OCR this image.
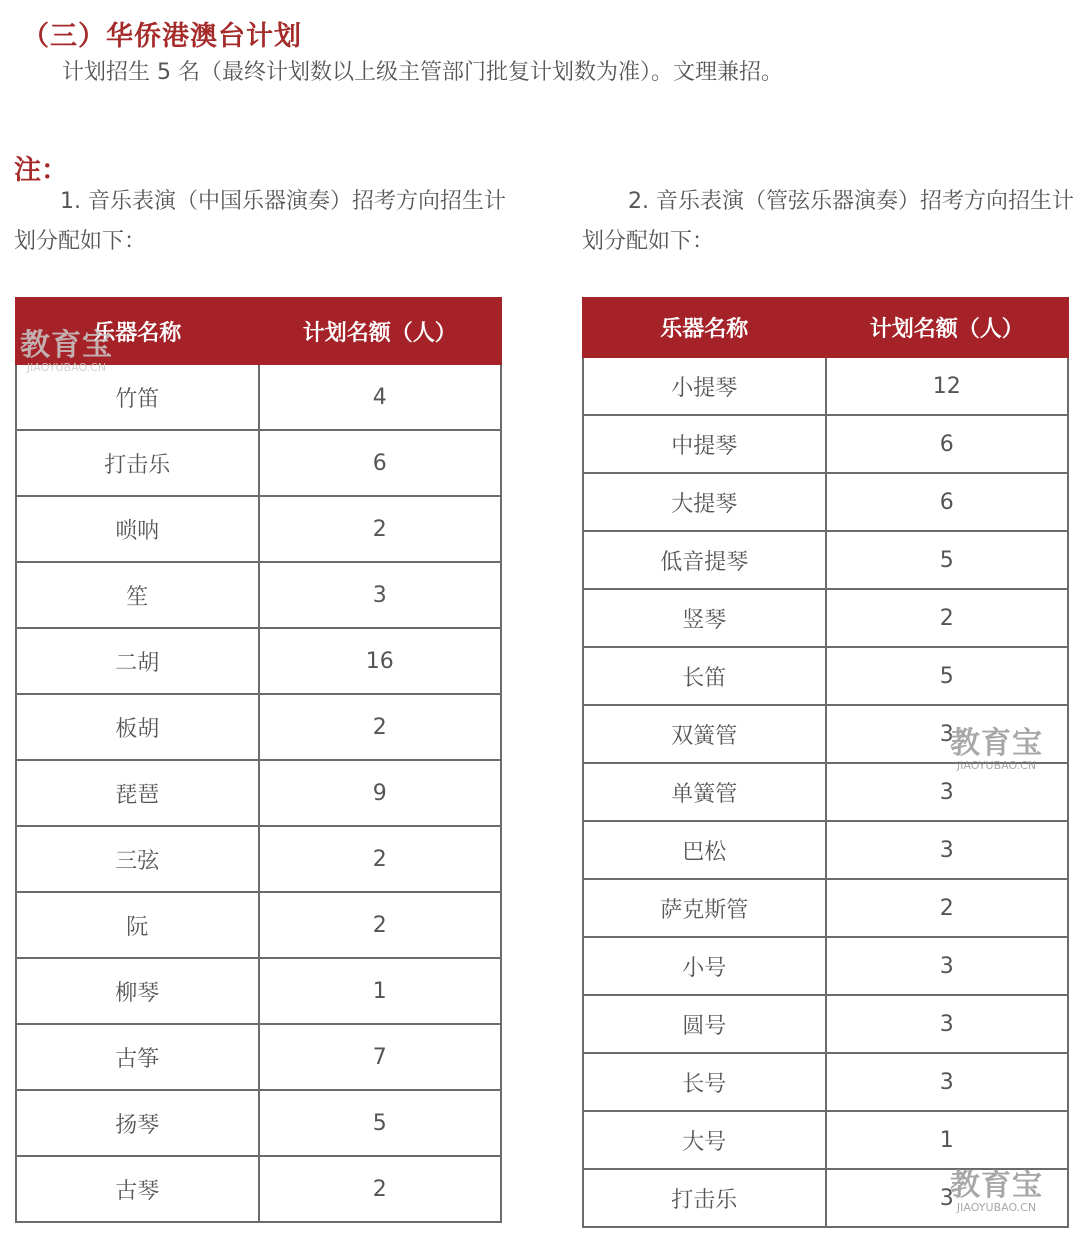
（三）华侨港澳台计划

计划招生 5 名（最终计划数以上级主管部门批复计划数为准）。文理兼招。

注：

1. 音乐表演（中国乐器演奏）招考方向招生计划分配如下：

2. 音乐表演（管弦乐器演奏）招考方向招生计划分配如下：

乐器名称	计划名额（人）
竹笛	4
打击乐	6
唢呐	2
笙	3
二胡	16
板胡	2
琵琶	9
三弦	2
阮	2
柳琴	1
古筝	7
扬琴	5
古琴	2
乐器名称	计划名额（人）
小提琴	12
中提琴	6
大提琴	6
低音提琴	5
竖琴	2
长笛	5
双簧管	3
单簧管	3
巴松	3
萨克斯管	2
小号	3
圆号	3
长号	3
大号	1
打击乐	3
教育宝
JIAOYUBAO.CN
教育宝
JIAOYUBAO.CN
教育宝
JIAOYUBAO.CN
